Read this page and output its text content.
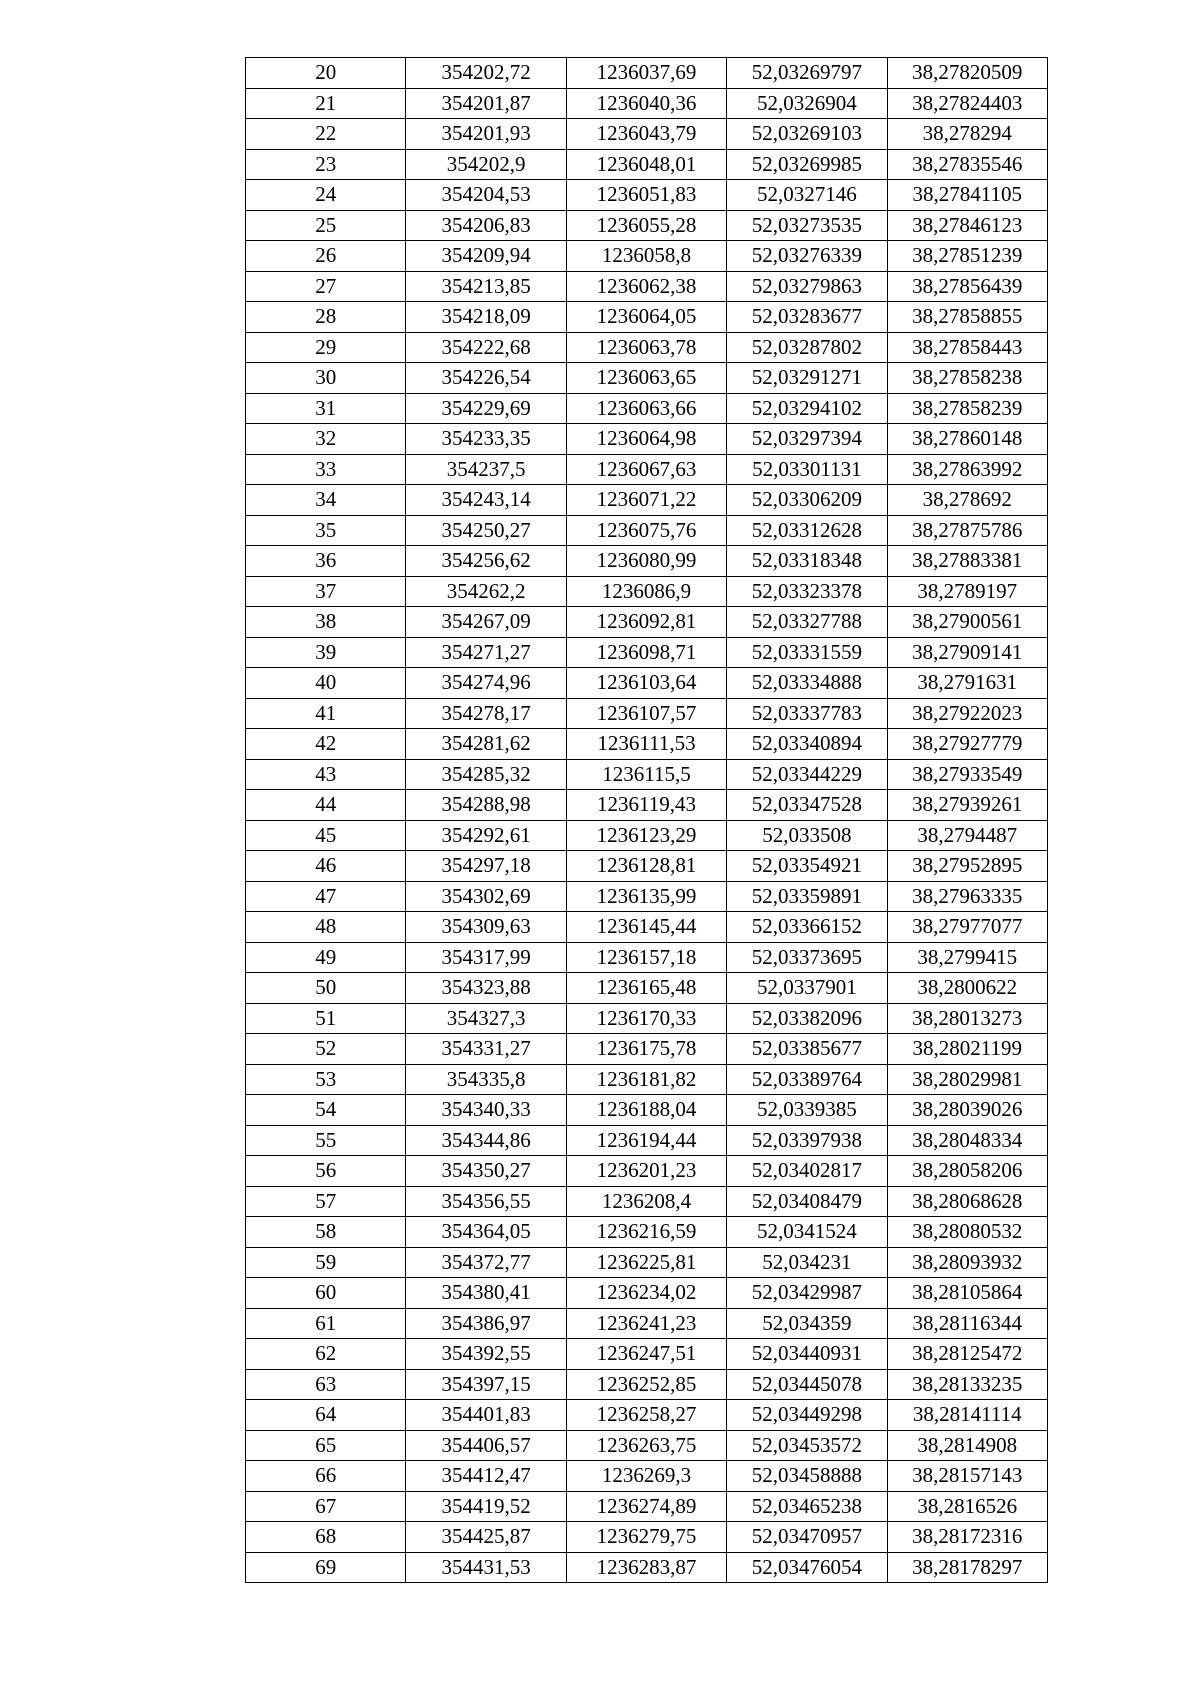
20	354202,72	1236037,69	52,03269797	38,27820509
21	354201,87	1236040,36	52,0326904	38,27824403
22	354201,93	1236043,79	52,03269103	38,278294
23	354202,9	1236048,01	52,03269985	38,27835546
24	354204,53	1236051,83	52,0327146	38,27841105
25	354206,83	1236055,28	52,03273535	38,27846123
26	354209,94	1236058,8	52,03276339	38,27851239
27	354213,85	1236062,38	52,03279863	38,27856439
28	354218,09	1236064,05	52,03283677	38,27858855
29	354222,68	1236063,78	52,03287802	38,27858443
30	354226,54	1236063,65	52,03291271	38,27858238
31	354229,69	1236063,66	52,03294102	38,27858239
32	354233,35	1236064,98	52,03297394	38,27860148
33	354237,5	1236067,63	52,03301131	38,27863992
34	354243,14	1236071,22	52,03306209	38,278692
35	354250,27	1236075,76	52,03312628	38,27875786
36	354256,62	1236080,99	52,03318348	38,27883381
37	354262,2	1236086,9	52,03323378	38,2789197
38	354267,09	1236092,81	52,03327788	38,27900561
39	354271,27	1236098,71	52,03331559	38,27909141
40	354274,96	1236103,64	52,03334888	38,2791631
41	354278,17	1236107,57	52,03337783	38,27922023
42	354281,62	1236111,53	52,03340894	38,27927779
43	354285,32	1236115,5	52,03344229	38,27933549
44	354288,98	1236119,43	52,03347528	38,27939261
45	354292,61	1236123,29	52,033508	38,2794487
46	354297,18	1236128,81	52,03354921	38,27952895
47	354302,69	1236135,99	52,03359891	38,27963335
48	354309,63	1236145,44	52,03366152	38,27977077
49	354317,99	1236157,18	52,03373695	38,2799415
50	354323,88	1236165,48	52,0337901	38,2800622
51	354327,3	1236170,33	52,03382096	38,28013273
52	354331,27	1236175,78	52,03385677	38,28021199
53	354335,8	1236181,82	52,03389764	38,28029981
54	354340,33	1236188,04	52,0339385	38,28039026
55	354344,86	1236194,44	52,03397938	38,28048334
56	354350,27	1236201,23	52,03402817	38,28058206
57	354356,55	1236208,4	52,03408479	38,28068628
58	354364,05	1236216,59	52,0341524	38,28080532
59	354372,77	1236225,81	52,034231	38,28093932
60	354380,41	1236234,02	52,03429987	38,28105864
61	354386,97	1236241,23	52,034359	38,28116344
62	354392,55	1236247,51	52,03440931	38,28125472
63	354397,15	1236252,85	52,03445078	38,28133235
64	354401,83	1236258,27	52,03449298	38,28141114
65	354406,57	1236263,75	52,03453572	38,2814908
66	354412,47	1236269,3	52,03458888	38,28157143
67	354419,52	1236274,89	52,03465238	38,2816526
68	354425,87	1236279,75	52,03470957	38,28172316
69	354431,53	1236283,87	52,03476054	38,28178297
